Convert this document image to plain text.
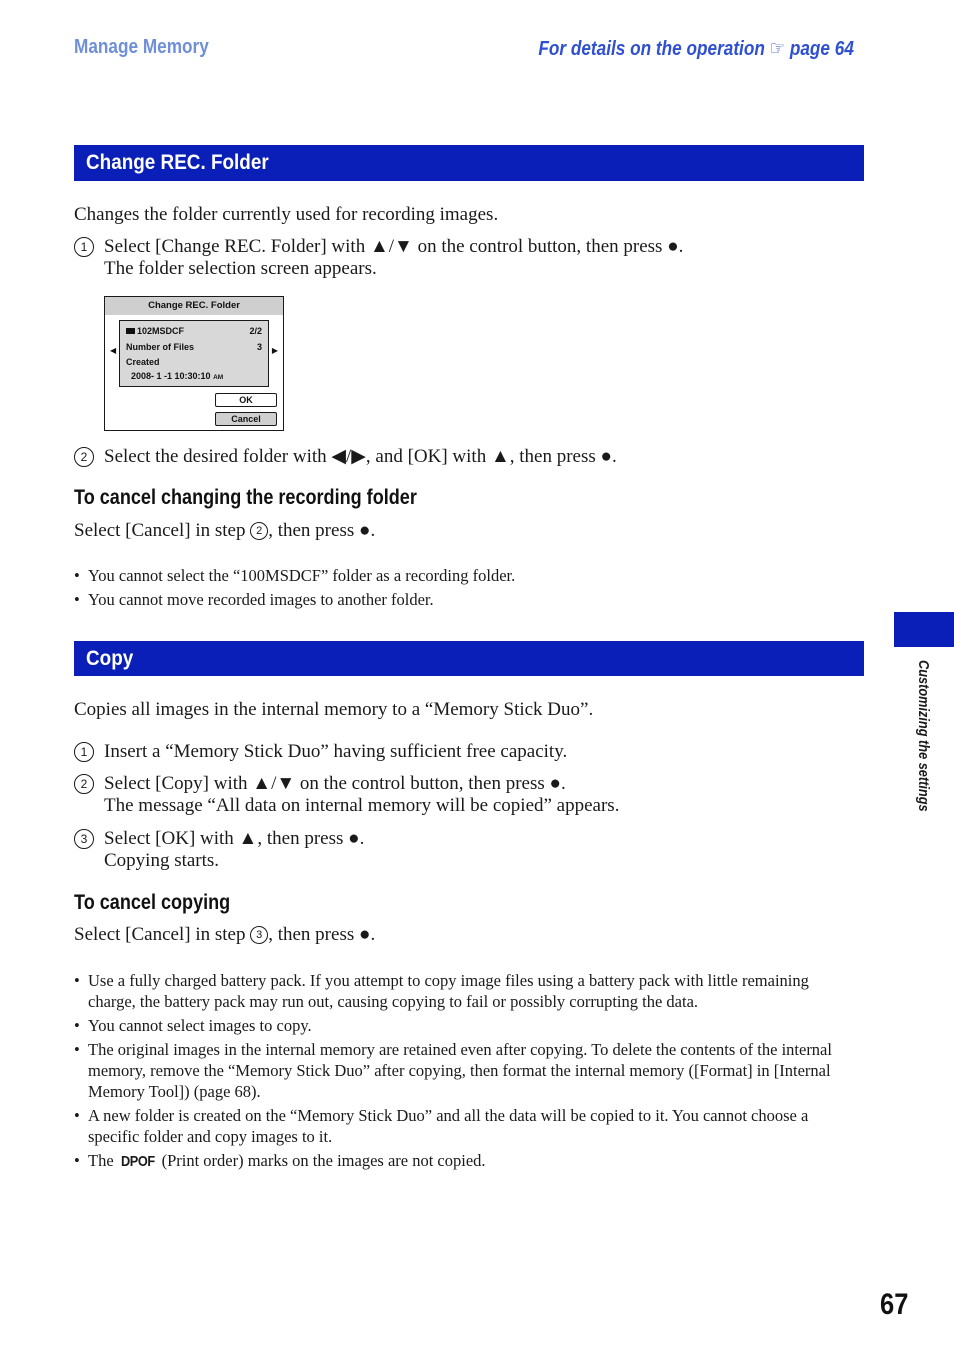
Manage Memory	For details on the operation ☞ page 64
Change REC. Folder
Changes the folder currently used for recording images.
1 Select [Change REC. Folder] with ▲/▼ on the control button, then press ●.
The folder selection screen appears.
Change REC. Folder
◀	▶
102MSDCF	2/2
Number of Files	3
Created
2008- 1 -1 10:30:10 AM
OK
Cancel
2 Select the desired folder with ◀/▶, and [OK] with ▲, then press ●.
To cancel changing the recording folder
Select [Cancel] in step 2 , then press ●.
• You cannot select the “100MSDCF” folder as a recording folder.
• You cannot move recorded images to another folder.
Copy
Copies all images in the internal memory to a “Memory Stick Duo”.
1 Insert a “Memory Stick Duo” having sufficient free capacity.
2 Select [Copy] with ▲/▼ on the control button, then press ●.
The message “All data on internal memory will be copied” appears.
3 Select [OK] with ▲, then press ●.
Copying starts.
To cancel copying
Select [Cancel] in step 3 , then press ●.
• Use a fully charged battery pack. If you attempt to copy image files using a battery pack with little remaining charge, the battery pack may run out, causing copying to fail or possibly corrupting the data.
• You cannot select images to copy.
• The original images in the internal memory are retained even after copying. To delete the contents of the internal memory, remove the “Memory Stick Duo” after copying, then format the internal memory ([Format] in [Internal Memory Tool]) (page 68).
• A new folder is created on the “Memory Stick Duo” and all the data will be copied to it. You cannot choose a specific folder and copy images to it.
• The DPOF (Print order) marks on the images are not copied.
Customizing the settings
67
